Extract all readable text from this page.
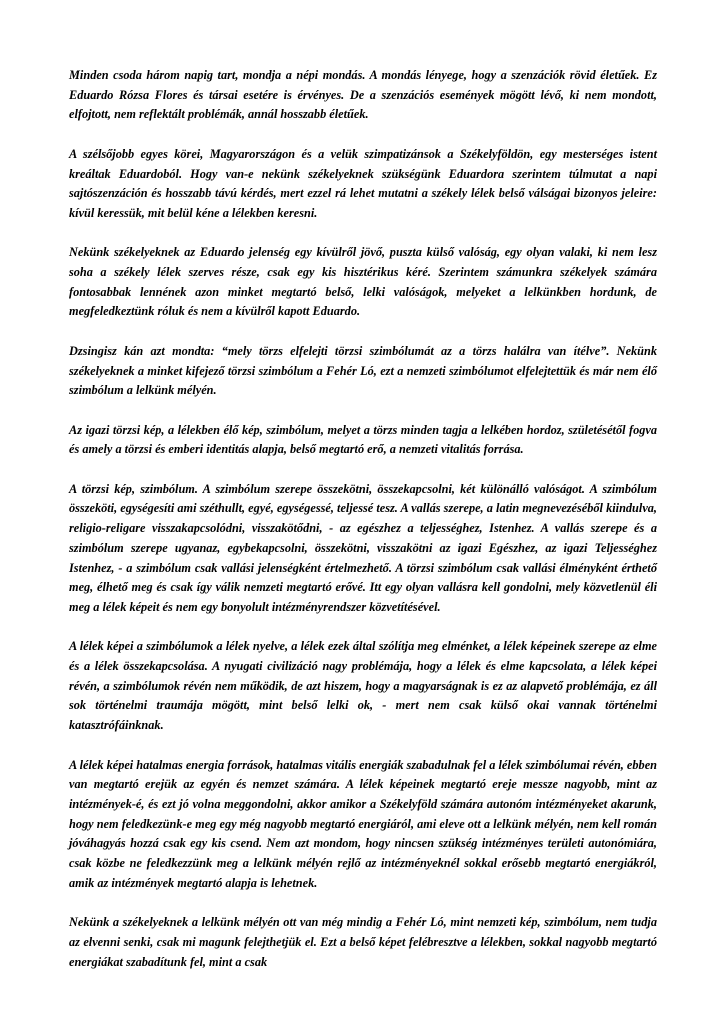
Minden csoda három napig tart, mondja a népi mondás. A mondás lényege, hogy a szenzációk rövid életűek. Ez Eduardo Rózsa Flores és társai esetére is érvényes. De a szenzációs események mögött lévő, ki nem mondott, elfojtott, nem reflektált problémák, annál hosszabb életűek.

A szélsőjobb egyes körei, Magyarországon és a velük szimpatizánsok a Székelyföldön, egy mesterséges istent kreáltak Eduardoból. Hogy van-e nekünk székelyeknek szükségünk Eduardora szerintem túlmutat a napi sajtószenzáción és hosszabb távú kérdés, mert ezzel rá lehet mutatni a székely lélek belső válságai bizonyos jeleire: kívül keressük, mit belül kéne a lélekben keresni.

Nekünk székelyeknek az Eduardo jelenség egy kívülről jövő, puszta külső valóság, egy olyan valaki, ki nem lesz soha a székely lélek szerves része, csak egy kis hisztérikus kéré. Szerintem számunkra székelyek számára fontosabbak lennének azon minket megtartó belső, lelki valóságok, melyeket a lelkünkben hordunk, de megfeledkeztünk róluk és nem a kívülről kapott Eduardo.

Dzsingisz kán azt mondta: “mely törzs elfelejti törzsi szimbólumát az a törzs halálra van ítélve”. Nekünk székelyeknek a minket kifejező törzsi szimbólum a Fehér Ló, ezt a nemzeti szimbólumot elfelejtettük és már nem élő szimbólum a lelkünk mélyén.

Az igazi törzsi kép, a lélekben élő kép, szimbólum, melyet a törzs minden tagja a lelkében hordoz, születésétől fogva és amely a törzsi és emberi identitás alapja, belső megtartó erő, a nemzeti vitalitás forrása.

A törzsi kép, szimbólum. A szimbólum szerepe összekötni, összekapcsolni, két különálló valóságot. A szimbólum összeköti, egységesíti ami széthullt, egyé, egységessé, teljessé tesz. A vallás szerepe, a latin megnevezéséből kiindulva, religio-religare visszakapcsolódni, visszakötődni, - az egészhez a teljességhez, Istenhez. A vallás szerepe és a szimbólum szerepe ugyanaz, egybekapcsolni, összekötni, visszakötni az igazi Egészhez, az igazi Teljességhez Istenhez, - a szimbólum csak vallási jelenségként értelmezhető. A törzsi szimbólum csak vallási élményként érthető meg, élhető meg és csak így válik nemzeti megtartó erővé. Itt egy olyan vallásra kell gondolni, mely közvetlenül éli meg a lélek képeit és nem egy bonyolult intézményrendszer közvetítésével.

A lélek képei a szimbólumok a lélek nyelve, a lélek ezek által szólítja meg elménket, a lélek képeinek szerepe az elme és a lélek összekapcsolása. A nyugati civilizáció nagy problémája, hogy a lélek és elme kapcsolata, a lélek képei révén, a szimbólumok révén nem működik, de azt hiszem, hogy a magyarságnak is ez az alapvető problémája, ez áll sok történelmi traumája mögött, mint belső lelki ok, - mert nem csak külső okai vannak történelmi katasztrófáinknak.

A lélek képei hatalmas energia források, hatalmas vitális energiák szabadulnak fel a lélek szimbólumai révén, ebben van megtartó erejük az egyén és nemzet számára. A lélek képeinek megtartó ereje messze nagyobb, mint az intézmények-é, és ezt jó volna meggondolni, akkor amikor a Székelyföld számára autonóm intézményeket akarunk, hogy nem feledkezünk-e meg egy még nagyobb megtartó energiáról, ami eleve ott a lelkünk mélyén, nem kell román jóváhagyás hozzá csak egy kis csend. Nem azt mondom, hogy nincsen szükség intézményes területi autonómiára, csak közbe ne feledkezzünk meg a lelkünk mélyén rejlő az intézményeknél sokkal erősebb megtartó energiákról, amik az intézmények megtartó alapja is lehetnek.

Nekünk a székelyeknek a lelkünk mélyén ott van még mindig a Fehér Ló, mint nemzeti kép, szimbólum, nem tudja az elvenni senki, csak mi magunk felejthetjük el. Ezt a belső képet felébresztve a lélekben, sokkal nagyobb megtartó energiákat szabadítunk fel, mint a csak
